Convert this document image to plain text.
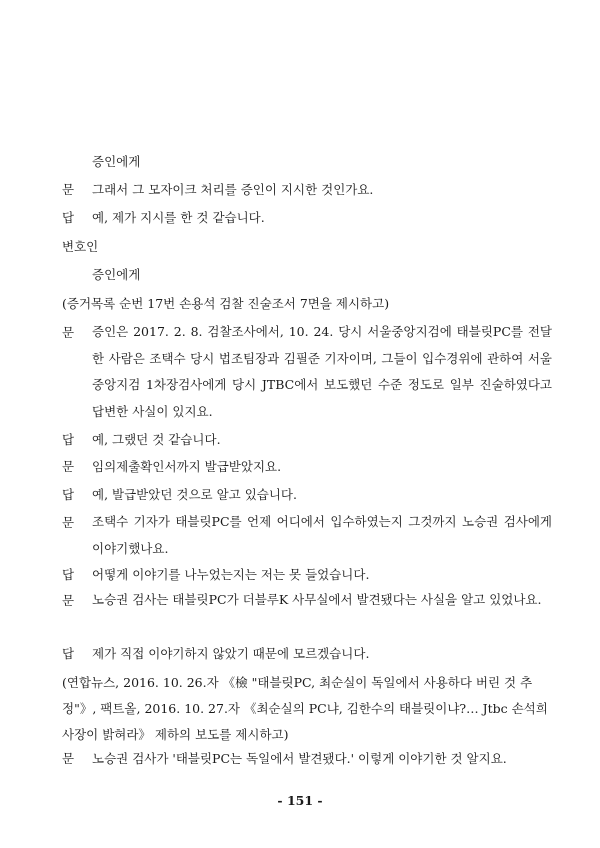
증인에게
문 그래서 그 모자이크 처리를 증인이 지시한 것인가요.
답 예, 제가 지시를 한 것 같습니다.
변호인
증인에게
(증거목록 순번 17번 손용석 검찰 진술조서 7면을 제시하고)
문 증인은 2017. 2. 8. 검찰조사에서, 10. 24. 당시 서울중앙지검에 태블릿PC를 전달한 사람은 조택수 당시 법조팀장과 김필준 기자이며, 그들이 입수경위에 관하여 서울중앙지검 1차장검사에게 당시 JTBC에서 보도했던 수준 정도로 일부 진술하였다고 답변한 사실이 있지요.
답 예, 그랬던 것 같습니다.
문 임의제출확인서까지 발급받았지요.
답 예, 발급받았던 것으로 알고 있습니다.
문 조택수 기자가 태블릿PC를 언제 어디에서 입수하였는지 그것까지 노승권 검사에게 이야기했나요.
답 어떻게 이야기를 나누었는지는 저는 못 들었습니다.
문 노승권 검사는 태블릿PC가 더블루K 사무실에서 발견됐다는 사실을 알고 있었나요.
답 제가 직접 이야기하지 않았기 때문에 모르겠습니다.
(연합뉴스, 2016. 10. 26.자 《檢 "태블릿PC, 최순실이 독일에서 사용하다 버린 것 추정"》, 팩트올, 2016. 10. 27.자 《최순실의 PC냐, 김한수의 태블릿이냐?… Jtbc 손석희 사장이 밝혀라》 제하의 보도를 제시하고)
문 노승권 검사가 '태블릿PC는 독일에서 발견됐다.' 이렇게 이야기한 것 알지요.
- 151 -
